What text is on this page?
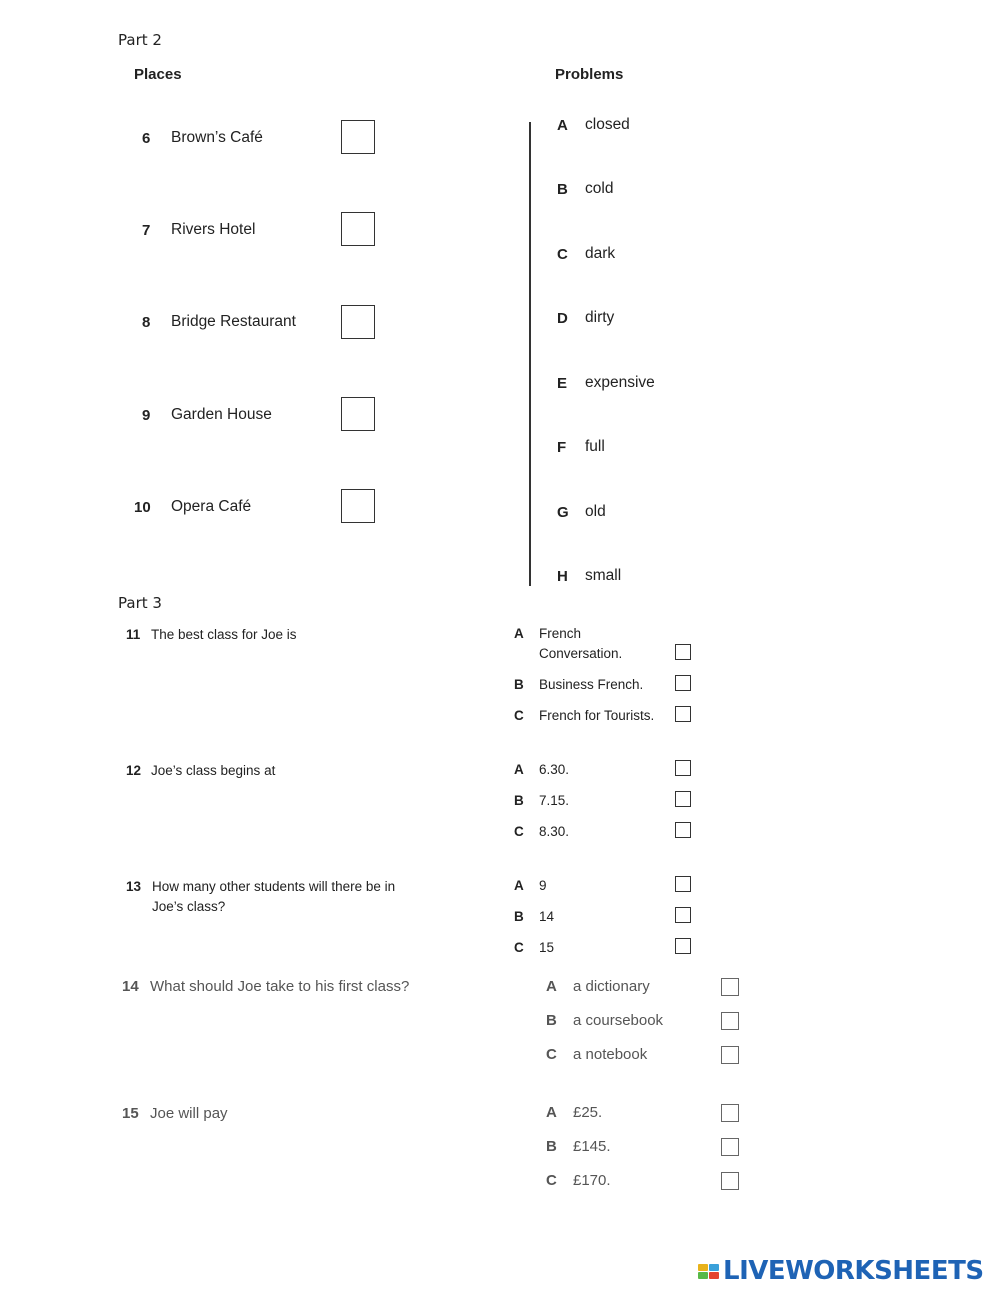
Part 2
Places	Problems
6 Brown’s Café
7 Rivers Hotel
8 Bridge Restaurant
9 Garden House
10 Opera Café
A closed
B cold
C dark
D dirty
E expensive
F full
G old
H small
Part 3
11 The best class for Joe is	A French
Conversation.
B Business French.
C French for Tourists.
12 Joe’s class begins at	A 6.30.
B 7.15.
C 8.30.
13 How many other students will there be in
Joe’s class?
A 9
B 14
C 15
14 What should Joe take to his first class?	A a dictionary
B a coursebook
C a notebook
15 Joe will pay	A £25.
B £145.
C £170.
LIVEWORKSHEETS
